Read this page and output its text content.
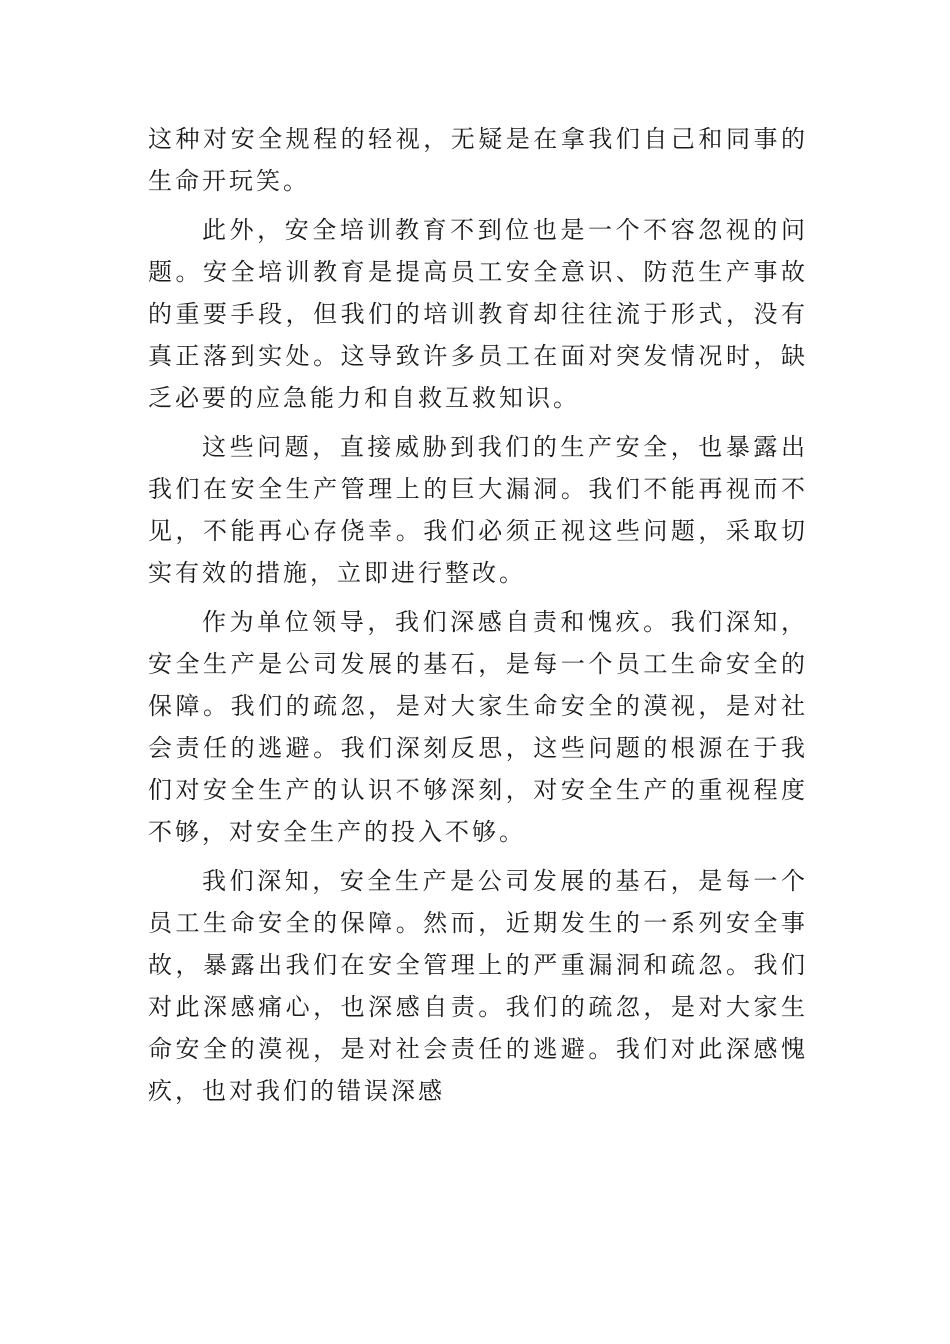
这种对安全规程的轻视，无疑是在拿我们自己和同事的生命开玩笑。

此外，安全培训教育不到位也是一个不容忽视的问题。安全培训教育是提高员工安全意识、防范生产事故的重要手段，但我们的培训教育却往往流于形式，没有真正落到实处。这导致许多员工在面对突发情况时，缺乏必要的应急能力和自救互救知识。

这些问题，直接威胁到我们的生产安全，也暴露出我们在安全生产管理上的巨大漏洞。我们不能再视而不见，不能再心存侥幸。我们必须正视这些问题，采取切实有效的措施，立即进行整改。

作为单位领导，我们深感自责和愧疚。我们深知，安全生产是公司发展的基石，是每一个员工生命安全的保障。我们的疏忽，是对大家生命安全的漠视，是对社会责任的逃避。我们深刻反思，这些问题的根源在于我们对安全生产的认识不够深刻，对安全生产的重视程度不够，对安全生产的投入不够。

我们深知，安全生产是公司发展的基石，是每一个员工生命安全的保障。然而，近期发生的一系列安全事故，暴露出我们在安全管理上的严重漏洞和疏忽。我们对此深感痛心，也深感自责。我们的疏忽，是对大家生命安全的漠视，是对社会责任的逃避。我们对此深感愧疚，也对我们的错误深感
